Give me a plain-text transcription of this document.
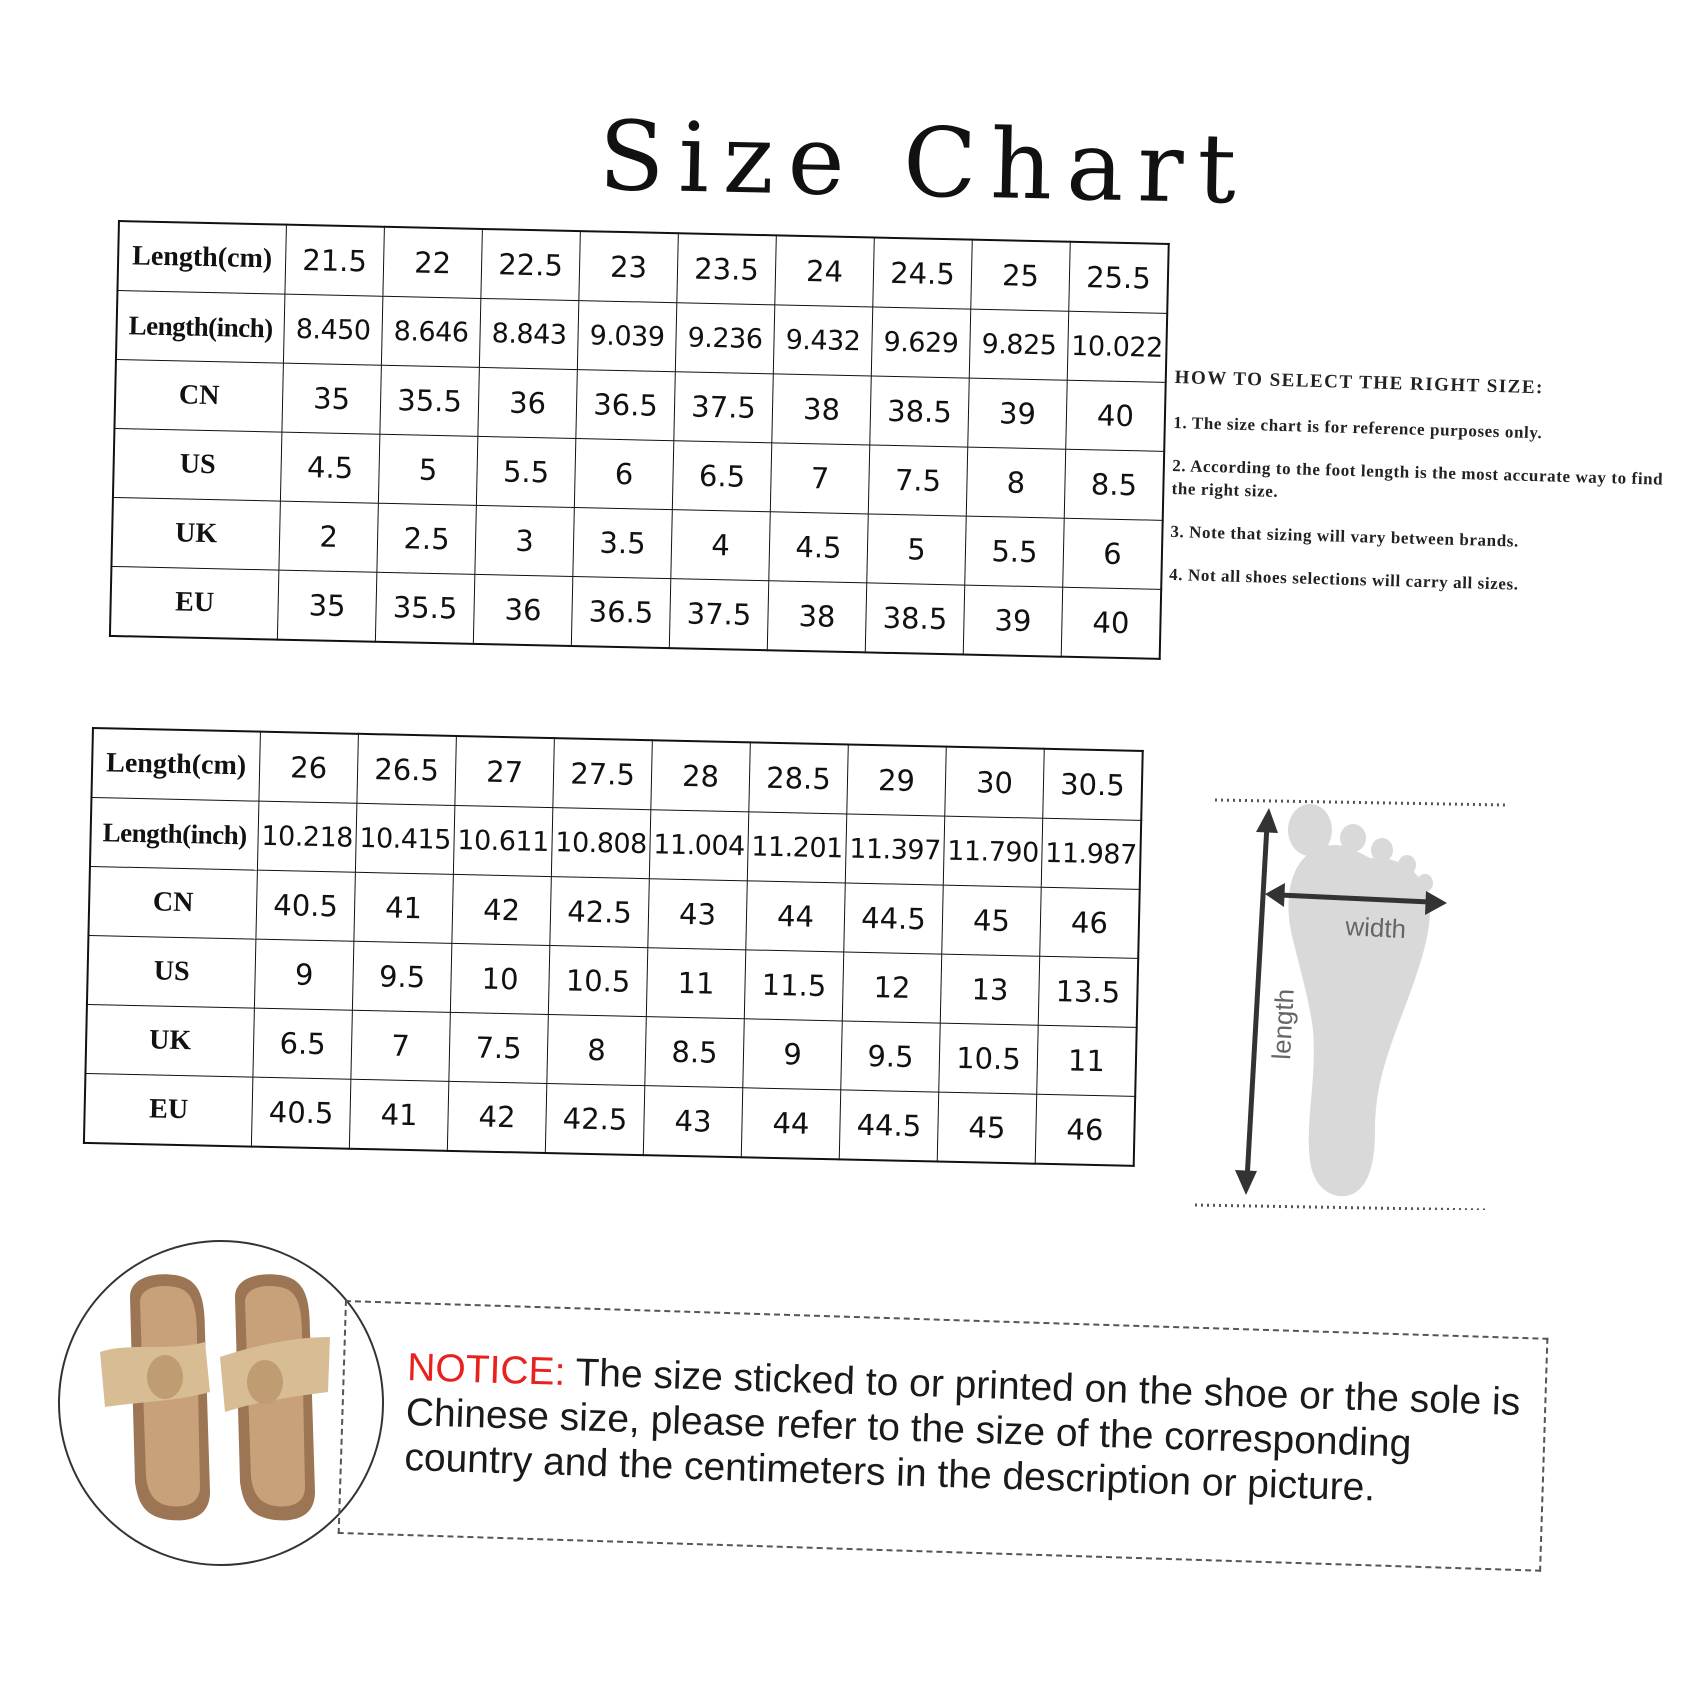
Size Chart
Length(cm)	21.5	22	22.5	23	23.5	24	24.5	25	25.5
Length(inch)	8.450	8.646	8.843	9.039	9.236	9.432	9.629	9.825	10.022
CN	35	35.5	36	36.5	37.5	38	38.5	39	40
US	4.5	5	5.5	6	6.5	7	7.5	8	8.5
UK	2	2.5	3	3.5	4	4.5	5	5.5	6
EU	35	35.5	36	36.5	37.5	38	38.5	39	40
Length(cm)	26	26.5	27	27.5	28	28.5	29	30	30.5
Length(inch)	10.218	10.415	10.611	10.808	11.004	11.201	11.397	11.790	11.987
CN	40.5	41	42	42.5	43	44	44.5	45	46
US	9	9.5	10	10.5	11	11.5	12	13	13.5
UK	6.5	7	7.5	8	8.5	9	9.5	10.5	11
EU	40.5	41	42	42.5	43	44	44.5	45	46
HOW TO SELECT THE RIGHT SIZE:
1. The size chart is for reference purposes only.
2. According to the foot length is the most accurate way to find the right size.
3. Note that sizing will vary between brands.
4. Not all shoes selections will carry all sizes.
width
length
NOTICE: The size sticked to or printed on the shoe or the sole is Chinese size, please refer to the size of the corresponding country and the centimeters in the description or picture.
